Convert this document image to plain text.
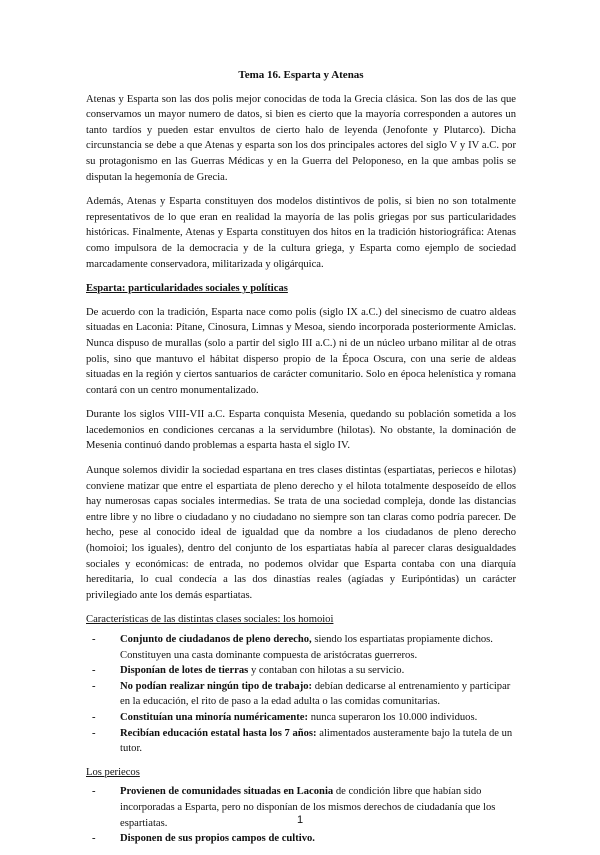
Tema 16. Esparta y Atenas

Atenas y Esparta son las dos polis mejor conocidas de toda la Grecia clásica. Son las dos de las que conservamos un mayor numero de datos, si bien es cierto que la mayoría corresponden a autores un tanto tardíos y pueden estar envultos de cierto halo de leyenda (Jenofonte y Plutarco). Dicha circunstancia se debe a que Atenas y esparta son los dos principales actores del siglo V y IV a.C. por su protagonismo en las Guerras Médicas y en la Guerra del Peloponeso, en la que ambas polis se disputan la hegemonía de Grecia.

Además, Atenas y Esparta constituyen dos modelos distintivos de polis, si bien no son totalmente representativos de lo que eran en realidad la mayoría de las polis griegas por sus particularidades históricas. Finalmente, Atenas y Esparta constituyen dos hitos en la tradición historiográfica: Atenas como impulsora de la democracia y de la cultura griega, y Esparta como ejemplo de sociedad marcadamente conservadora, militarizada y oligárquica.

Esparta: particularidades sociales y políticas

De acuerdo con la tradición, Esparta nace como polis (siglo IX a.C.) del sinecismo de cuatro aldeas situadas en Laconia: Pítane, Cinosura, Limnas y Mesoa, siendo incorporada posteriormente Amiclas. Nunca dispuso de murallas (solo a partir del siglo III a.C.) ni de un núcleo urbano militar al de otras polis, sino que mantuvo el hábitat disperso propio de la Época Oscura, con una serie de aldeas situadas en la región y ciertos santuarios de carácter comunitario. Solo en época helenística y romana contará con un centro monumentalizado.

Durante los siglos VIII-VII a.C. Esparta conquista Mesenia, quedando su población sometida a los lacedemonios en condiciones cercanas a la servidumbre (hilotas). No obstante, la dominación de Mesenia continuó dando problemas a esparta hasta el siglo IV.

Aunque solemos dividir la sociedad espartana en tres clases distintas (espartiatas, periecos e hilotas) conviene matizar que entre el espartiata de pleno derecho y el hilota totalmente desposeído de ellos hay numerosas capas sociales intermedias. Se trata de una sociedad compleja, donde las distancias entre libre y no libre o ciudadano y no ciudadano no siempre son tan claras como podría parecer. De hecho, pese al conocido ideal de igualdad que da nombre a los ciudadanos de pleno derecho (homoioi; los iguales), dentro del conjunto de los espartiatas había al parecer claras desigualdades sociales y económicas: de entrada, no podemos olvidar que Esparta contaba con una diarquía hereditaria, lo cual condecía a las dos dinastías reales (agíadas y Euripóntidas) un carácter privilegiado ante los demás espartiatas.

Características de las distintas clases sociales: los homoioi
- Conjunto de ciudadanos de pleno derecho, siendo los espartiatas propiamente dichos. Constituyen una casta dominante compuesta de aristócratas guerreros.
- Disponían de lotes de tierras y contaban con hilotas a su servicio.
- No podían realizar ningún tipo de trabajo: debían dedicarse al entrenamiento y participar en la educación, el rito de paso a la edad adulta o las comidas comunitarias.
- Constituían una minoría numéricamente: nunca superaron los 10.000 individuos.
- Recibían educación estatal hasta los 7 años: alimentados austeramente bajo la tutela de un tutor.
Los periecos
- Provienen de comunidades situadas en Laconia de condición libre que habían sido incorporadas a Esparta, pero no disponían de los mismos derechos de ciudadanía que los espartiatas.
- Disponen de sus propios campos de cultivo.
1
